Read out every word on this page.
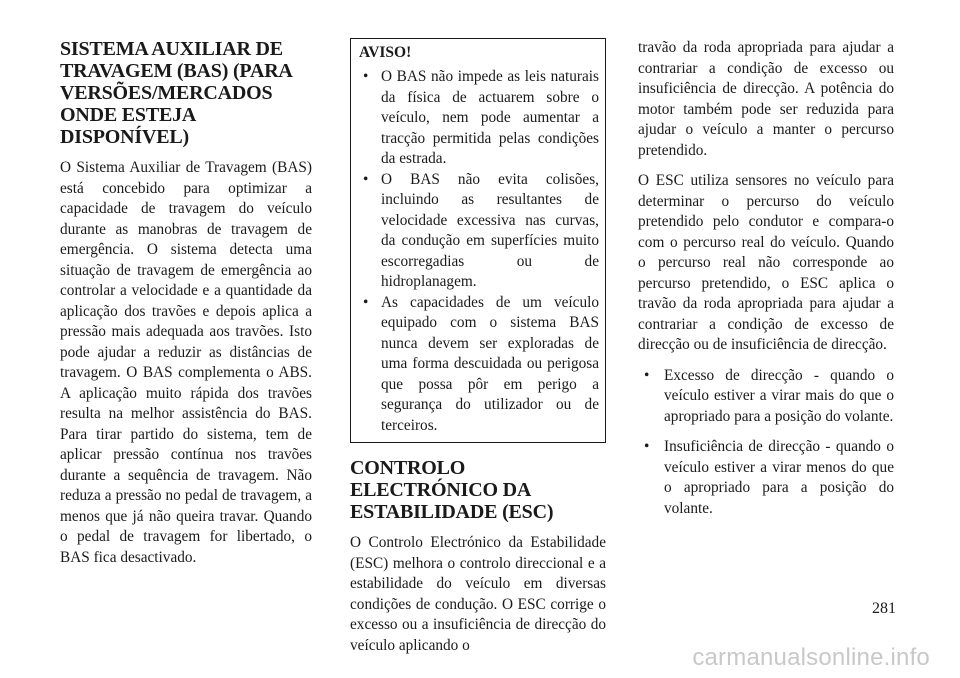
SISTEMA AUXILIAR DE TRAVAGEM (BAS) (PARA VERSÕES/MERCADOS ONDE ESTEJA DISPONÍVEL)

O Sistema Auxiliar de Travagem (BAS) está concebido para optimizar a capacidade de travagem do veículo durante as manobras de travagem de emergência. O sistema detecta uma situação de travagem de emergência ao controlar a velocidade e a quantidade da aplicação dos travões e depois aplica a pressão mais adequada aos travões. Isto pode ajudar a reduzir as distâncias de travagem. O BAS complementa o ABS. A aplicação muito rápida dos travões resulta na melhor assistência do BAS. Para tirar partido do sistema, tem de aplicar pressão contínua nos travões durante a sequência de travagem. Não reduza a pressão no pedal de travagem, a menos que já não queira travar. Quando o pedal de travagem for libertado, o BAS fica desactivado.

AVISO!
• O BAS não impede as leis naturais da física de actuarem sobre o veículo, nem pode aumentar a tracção permitida pelas condições da estrada.
• O BAS não evita colisões, incluindo as resultantes de velocidade excessiva nas curvas, da condução em superfícies muito escorregadias ou de hidroplanagem.
• As capacidades de um veículo equipado com o sistema BAS nunca devem ser exploradas de uma forma descuidada ou perigosa que possa pôr em perigo a segurança do utilizador ou de terceiros.
CONTROLO ELECTRÓNICO DA ESTABILIDADE (ESC)

O Controlo Electrónico da Estabilidade (ESC) melhora o controlo direccional e a estabilidade do veículo em diversas condições de condução. O ESC corrige o excesso ou a insuficiência de direcção do veículo aplicando o

travão da roda apropriada para ajudar a contrariar a condição de excesso ou insuficiência de direcção. A potência do motor também pode ser reduzida para ajudar o veículo a manter o percurso pretendido.

O ESC utiliza sensores no veículo para determinar o percurso do veículo pretendido pelo condutor e compara-o com o percurso real do veículo. Quando o percurso real não corresponde ao percurso pretendido, o ESC aplica o travão da roda apropriada para ajudar a contrariar a condição de excesso de direcção ou de insuficiência de direcção.

• Excesso de direcção - quando o veículo estiver a virar mais do que o apropriado para a posição do volante.
• Insuficiência de direcção - quando o veículo estiver a virar menos do que o apropriado para a posição do volante.
281
carmanualsonline.info
